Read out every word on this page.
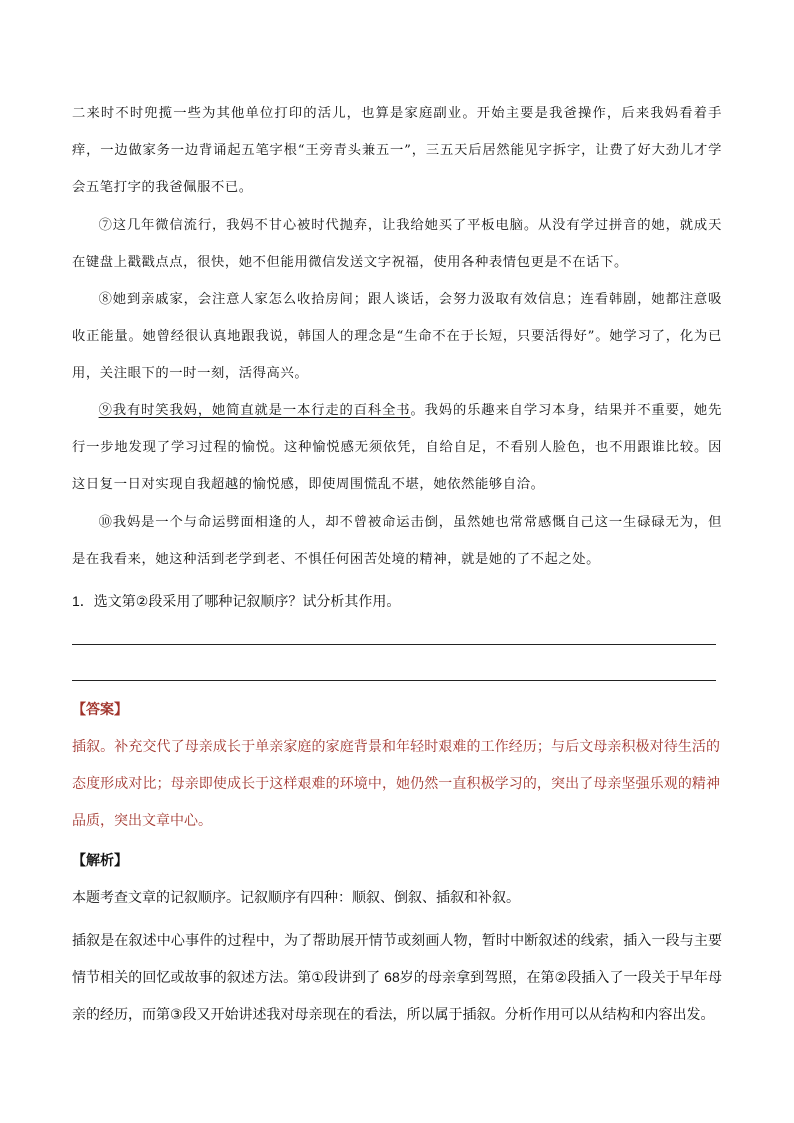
二来时不时兜揽一些为其他单位打印的活儿，也算是家庭副业。开始主要是我爸操作，后来我妈看着手痒，一边做家务一边背诵起五笔字根“王旁青头兼五一”，三五天后居然能见字拆字，让费了好大劲儿才学会五笔打字的我爸佩服不已。
⑦这几年微信流行，我妈不甘心被时代抛弃，让我给她买了平板电脑。从没有学过拼音的她，就成天在键盘上戳戳点点，很快，她不但能用微信发送文字祝福，使用各种表情包更是不在话下。
⑧她到亲戚家，会注意人家怎么收拾房间；跟人谈话，会努力汲取有效信息；连看韩剧，她都注意吸收正能量。她曾经很认真地跟我说，韩国人的理念是“生命不在于长短，只要活得好”。她学习了，化为已用，关注眼下的一时一刻，活得高兴。
⑨我有时笑我妈，她简直就是一本行走的百科全书。我妈的乐趣来自学习本身，结果并不重要，她先行一步地发现了学习过程的愉悦。这种愉悦感无须依凭，自给自足，不看别人脸色，也不用跟谁比较。因这日复一日对实现自我超越的愉悦感，即使周围慌乱不堪，她依然能够自洽。
⑩我妈是一个与命运劈面相逢的人，却不曾被命运击倒，虽然她也常常感慨自己这一生碌碌无为，但是在我看来，她这种活到老学到老、不惧任何困苦处境的精神，就是她的了不起之处。
1．选文第②段采用了哪种记叙顺序？试分析其作用。
【答案】
插叙。补充交代了母亲成长于单亲家庭的家庭背景和年轻时艰难的工作经历；与后文母亲积极对待生活的态度形成对比；母亲即使成长于这样艰难的环境中，她仍然一直积极学习的，突出了母亲坚强乐观的精神品质，突出文章中心。
【解析】
本题考查文章的记叙顺序。记叙顺序有四种：顺叙、倒叙、插叙和补叙。
插叙是在叙述中心事件的过程中，为了帮助展开情节或刻画人物，暂时中断叙述的线索，插入一段与主要情节相关的回忆或故事的叙述方法。第①段讲到了 68岁的母亲拿到驾照，在第②段插入了一段关于早年母亲的经历，而第③段又开始讲述我对母亲现在的看法，所以属于插叙。分析作用可以从结构和内容出发。
